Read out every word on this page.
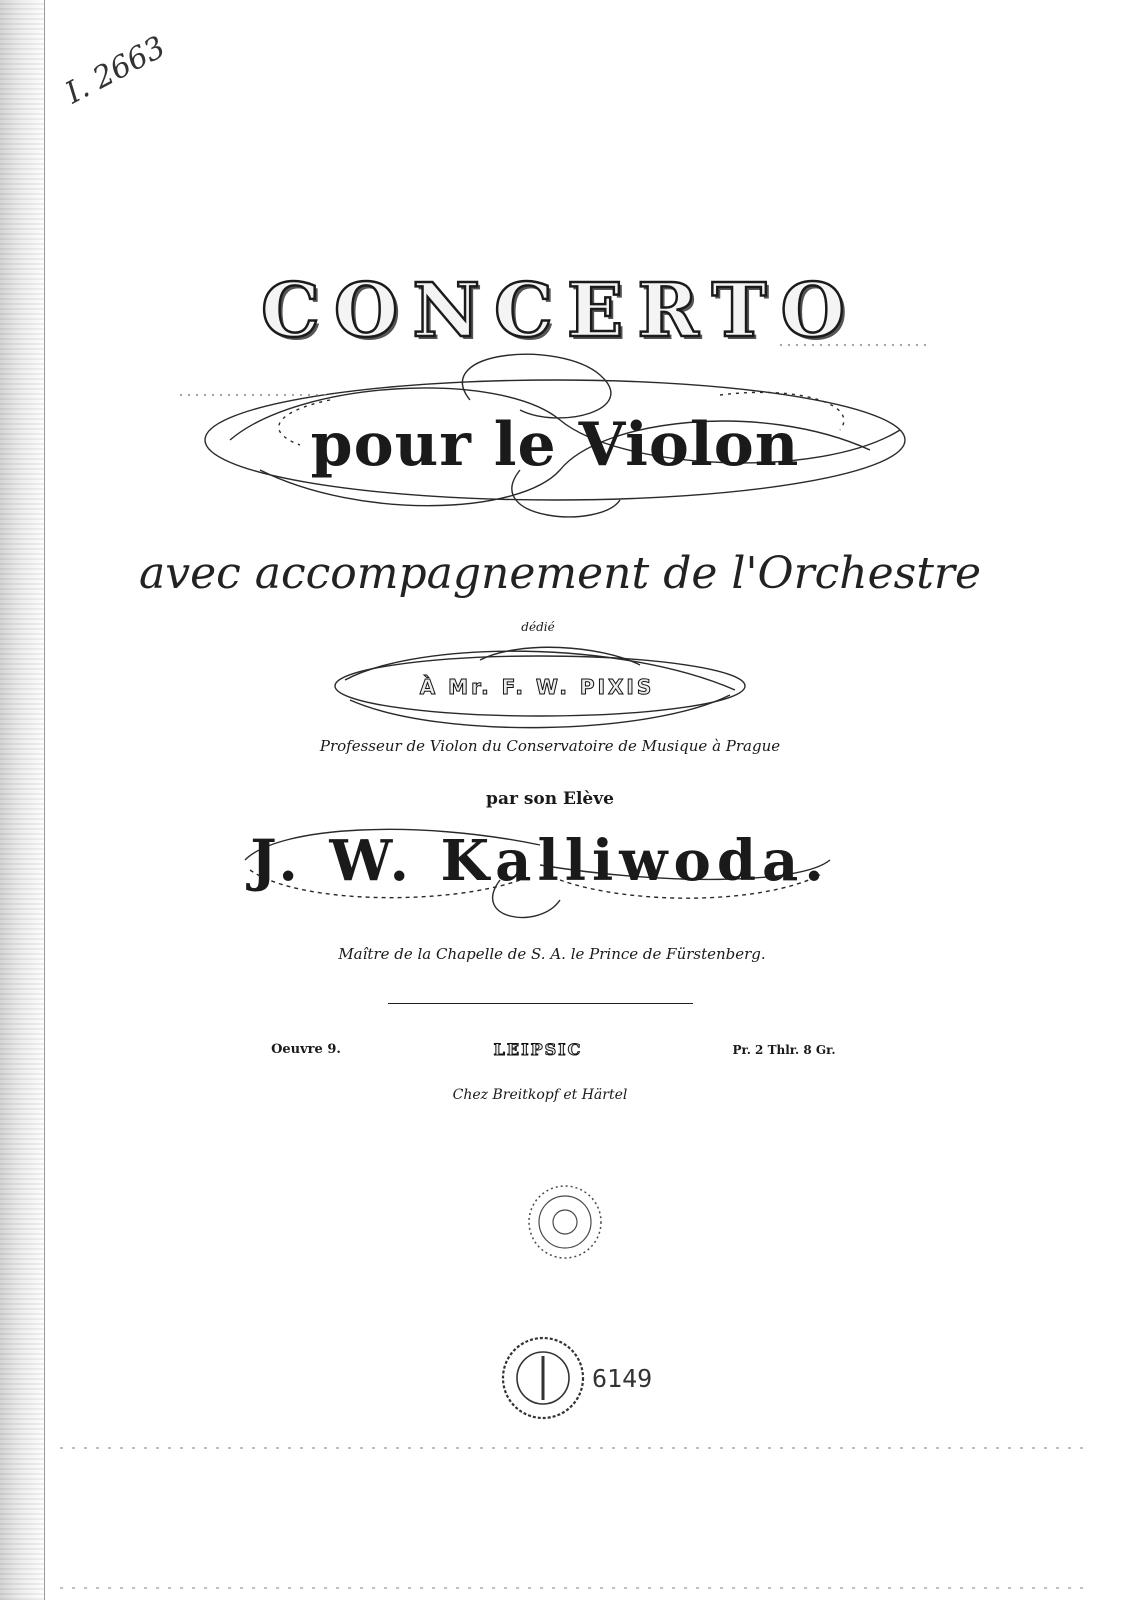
I. 2663
CONCERTO
pour le Violon
avec accompagnement de l'Orchestre
dédié
À Mr. F. W. PIXIS
Professeur de Violon du Conservatoire de Musique à Prague
par son Elève
J. W. Kalliwoda.
Maître de la Chapelle de S. A. le Prince de Fürstenberg.
Oeuvre 9.	LEIPSIC	Pr. 2 Thlr. 8 Gr.
Chez Breitkopf et Härtel
6149
